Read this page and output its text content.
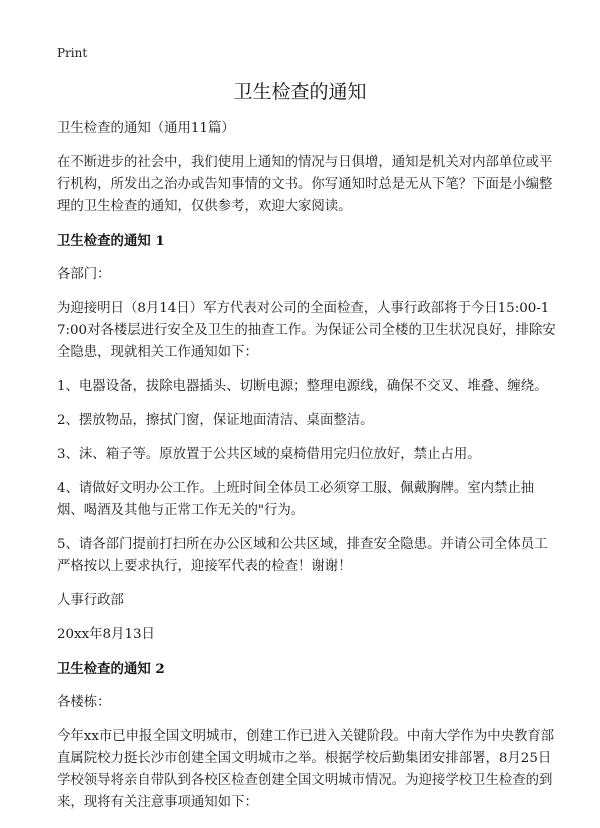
Print
卫生检查的通知

卫生检查的通知（通用11篇）

在不断进步的社会中，我们使用上通知的情况与日俱增，通知是机关对内部单位或平行机构，所发出之治办或告知事情的文书。你写通知时总是无从下笔？下面是小编整理的卫生检查的通知，仅供参考，欢迎大家阅读。

卫生检查的通知 1

各部门：

为迎接明日（8月14日）军方代表对公司的全面检查，人事行政部将于今日15:00-17:00对各楼层进行安全及卫生的抽查工作。为保证公司全楼的卫生状况良好，排除安全隐患，现就相关工作通知如下：

1、电器设备，拔除电器插头、切断电源；整理电源线，确保不交叉、堆叠、缠绕。

2、摆放物品，擦拭门窗，保证地面清洁、桌面整洁。

3、沫、箱子等。原放置于公共区域的桌椅借用完归位放好，禁止占用。

4、请做好文明办公工作。上班时间全体员工必须穿工服、佩戴胸牌。室内禁止抽烟、喝酒及其他与正常工作无关的"行为。

5、请各部门提前打扫所在办公区域和公共区域，排查安全隐患。并请公司全体员工严格按以上要求执行，迎接军代表的检查！谢谢！

人事行政部

20xx年8月13日

卫生检查的通知 2

各楼栋：

今年xx市已申报全国文明城市，创建工作已进入关键阶段。中南大学作为中央教育部直属院校力挺长沙市创建全国文明城市之举。根据学校后勤集团安排部署，8月25日学校领导将亲自带队到各校区检查创建全国文明城市情况。为迎接学校卫生检查的到来，现将有关注意事项通知如下：
